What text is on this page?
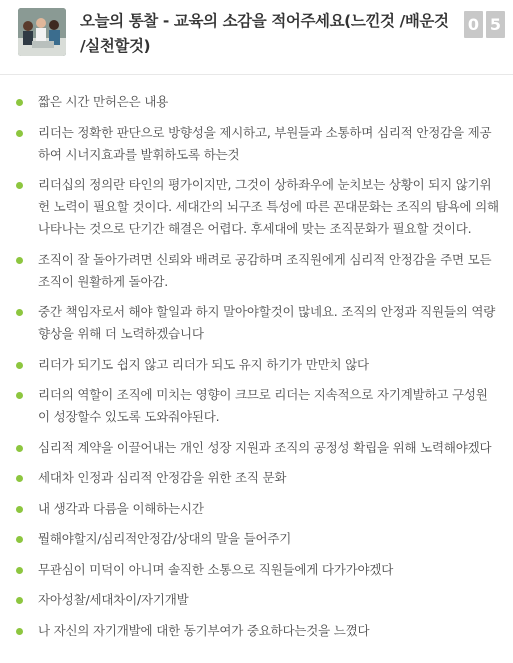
오늘의 통찰 - 교육의 소감을 적어주세요(느낀것 /배운것 /실천할것)
0 5
짧은 시간 만허은은 내용
리더는 정확한 판단으로 방향성을 제시하고, 부원들과 소통하며 심리적 안정감을 제공하여 시너지효과를 발휘하도록 하는것
리더십의 정의란 타인의 평가이지만, 그것이 상하좌우에 눈치보는 상황이 되지 않기위헌 노력이 필요할 것이다. 세대간의 뇌구조 특성에 따른 꼰대문화는 조직의 탐욕에 의해 나타나는 것으로 단기간 해결은 어렵다. 후세대에 맞는 조직문화가 필요할 것이다.
조직이 잘 돌아가려면 신뢰와 배려로 공감하며 조직원에게 심리적 안정감을 주면 모든조직이 원활하게 돌아감.
중간 책임자로서 해야 할일과 하지 말아야할것이 많네요. 조직의 안정과 직원들의 역량향상을 위해 더 노력하겠습니다
리더가 되기도 쉽지 않고 리더가 되도 유지 하기가 만만치 않다
리더의 역할이 조직에 미치는 영향이 크므로 리더는 지속적으로 자기계발하고 구성원이 성장할수 있도록 도와줘야된다.
심리적 계약을 이끌어내는 개인 성장 지원과 조직의 공정성 확립을 위해 노력해야겠다
세대차 인정과 심리적 안정감을 위한 조직 문화
내 생각과 다름을 이해하는시간
뭘해야할지/심리적안정감/상대의 말을 들어주기
무관심이 미덕이 아니며 솔직한 소통으로 직원들에게 다가가야겠다
자아성찰/세대차이/자기개발
나 자신의 자기개발에 대한 동기부여가 중요하다는것을 느꼈다
